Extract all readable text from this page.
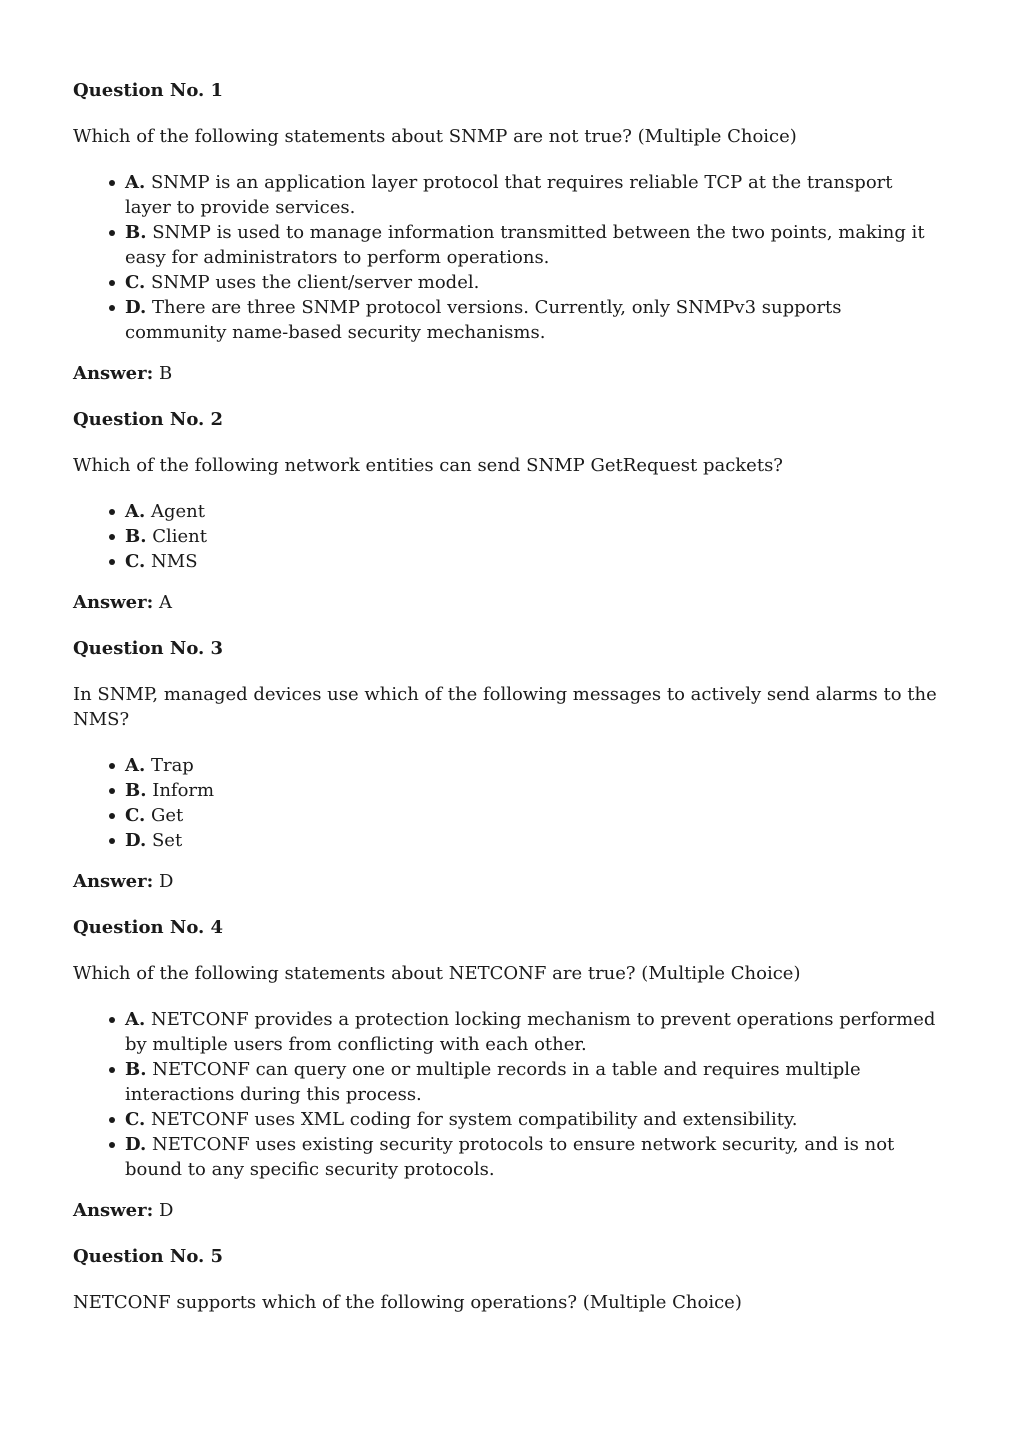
Question No. 1

Which of the following statements about SNMP are not true? (Multiple Choice)

A. SNMP is an application layer protocol that requires reliable TCP at the transport layer to provide services.
B. SNMP is used to manage information transmitted between the two points, making it easy for administrators to perform operations.
C. SNMP uses the client/server model.
D. There are three SNMP protocol versions. Currently, only SNMPv3 supports community name-based security mechanisms.

Answer: B

Question No. 2

Which of the following network entities can send SNMP GetRequest packets?

A. Agent
B. Client
C. NMS

Answer: A

Question No. 3

In SNMP, managed devices use which of the following messages to actively send alarms to the NMS?

A. Trap
B. Inform
C. Get
D. Set

Answer: D

Question No. 4

Which of the following statements about NETCONF are true? (Multiple Choice)

A. NETCONF provides a protection locking mechanism to prevent operations performed by multiple users from conflicting with each other.
B. NETCONF can query one or multiple records in a table and requires multiple interactions during this process.
C. NETCONF uses XML coding for system compatibility and extensibility.
D. NETCONF uses existing security protocols to ensure network security, and is not bound to any specific security protocols.

Answer: D

Question No. 5

NETCONF supports which of the following operations? (Multiple Choice)
